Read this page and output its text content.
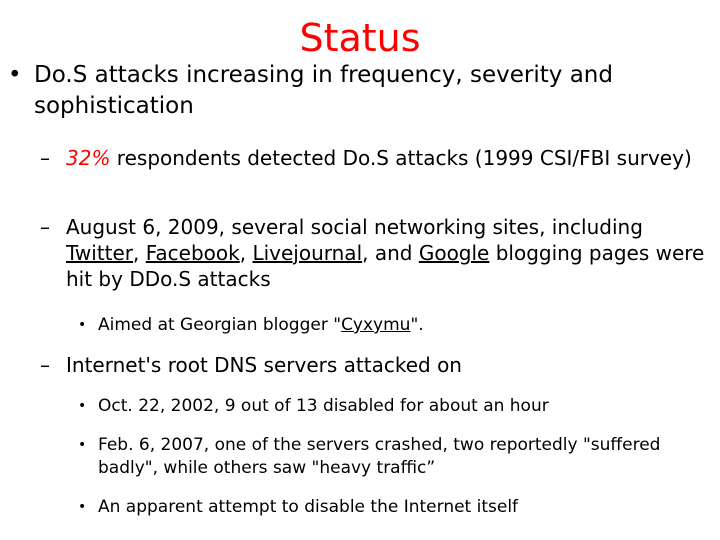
Status
• Do.S attacks increasing in frequency, severity and sophistication
– 32% respondents detected Do.S attacks (1999 CSI/FBI survey)
– August 6, 2009, several social networking sites, including Twitter, Facebook, Livejournal, and Google blogging pages were hit by DDo.S attacks
• Aimed at Georgian blogger "Cyxymu".
– Internet's root DNS servers attacked on
• Oct. 22, 2002, 9 out of 13 disabled for about an hour
• Feb. 6, 2007, one of the servers crashed, two reportedly "suffered badly", while others saw "heavy traffic”
• An apparent attempt to disable the Internet itself
